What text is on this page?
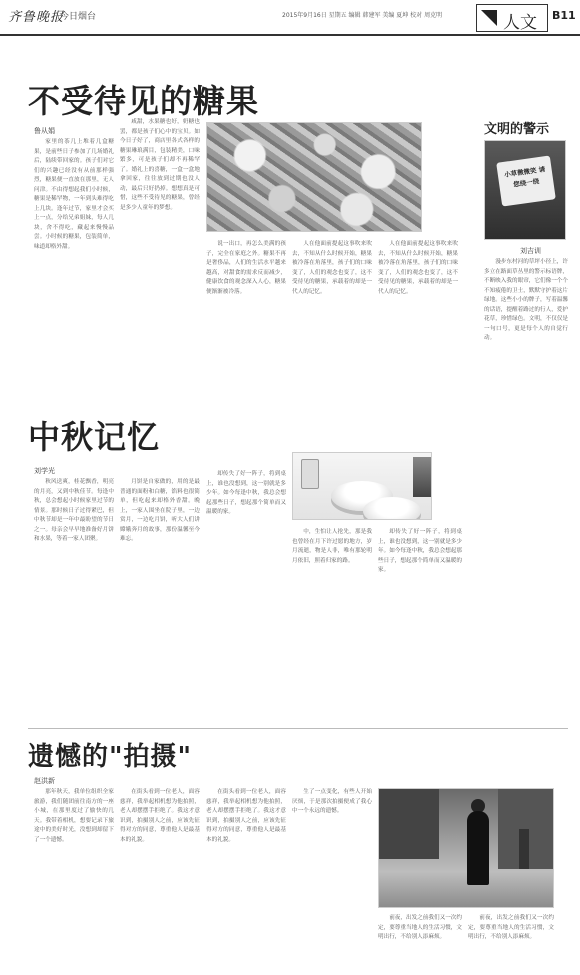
齐鲁晚报
今日烟台	2015年9月16日 星期五 编辑 韩建军 美编 夏坤 校对 周克明	人文 B11
不受待见的糖果
鲁从娟

家里的茶几上堆着几盒糖果，是前些日子参加了几场婚礼后，陆续带回家的。孩子们对它们的兴趣已经没有从前那样强烈，糖果便一直放在那里，无人问津。不由得想起我们小时候，糖果是稀罕物，一年到头难得吃上几块。逢年过节，家里才会买上一点，分给兄弟姐妹，每人几块，舍不得吃，藏起来慢慢品尝。小时候的糖果，包装简单，味道却格外甜。

咸甜，水果糖也好，奶糖也罢，都是孩子们心中的宝贝。如今日子好了，商店里各式各样的糖果琳琅满目，包装精美，口味繁多，可是孩子们却不再稀罕了。婚礼上的喜糖，一盒一盒地拿回家，往往放到过期也没人动，最后只好扔掉。想想真是可惜，这些不受待见的糖果，曾经是多少人童年的梦想。

说一出口，再怎么美满的孩子，完全在家庭之外。糖果不再是奢侈品，人们的生活水平越来越高，对甜食的需求反而减少，健康饮食的观念深入人心，糖果便渐渐被冷落。

人在他面前提起这事吹来吹去，不知从什么时候开始，糖果被冷落在角落里，孩子们的口味变了，人们的观念也变了，这不受待见的糖果，承载着的却是一代人的记忆。

人在他面前提起这事吹来吹去，不知从什么时候开始，糖果被冷落在角落里，孩子们的口味变了，人们的观念也变了，这不受待见的糖果，承载着的却是一代人的记忆。

文明的警示
小草微微笑 请您绕一绕
刘吉训

漫步东村河的草坪小径上，许多立在路面草丛里的警示标语牌，不断映入我的眼帘，它们像一个个不知疲倦的卫士，默默守护着这片绿地。这些小小的牌子，写着温馨的话语，提醒着路过的行人，爱护花草，珍惜绿色。文明，不仅仅是一句口号，更是每个人的自觉行动。

中秋记忆
刘学光

秋风送爽，桂花飘香，明亮的月亮，又到中秋佳节。每逢中秋，总会想起小时候家里过节的情景。那时候日子过得紧巴，但中秋节却是一年中最盼望的节日之一。母亲会早早地准备好月饼和水果，等着一家人团聚。

月饼是自家做的，用的是最普通的面粉和白糖，馅料也很简单，但吃起来却格外香甜。晚上，一家人围坐在院子里，一边赏月，一边吃月饼，听大人们讲嫦娥奔月的故事，那份温馨至今难忘。

却传失了好一阵子，将到桌上，谁也没想到，这一别就是多少年。如今每逢中秋，我总会想起那些日子，想起那个简单而又温暖的家。

中，生怕让人抢先，那是我也曾经在月下许过愿的地方，岁月流逝，物是人非，唯有那轮明月依旧，照着归家的路。

却传失了好一阵子，将到桌上，谁也没想到，这一别就是多少年。如今每逢中秋，我总会想起那些日子，想起那个简单而又温暖的家。

遗憾的"拍摄"
赵洪新

那年秋天，我单位组织全家旅游，我们随团前往南方的一座小城，在那里度过了愉快的几天。我带着相机，想要记录下旅途中的美好时光，没想到却留下了一个遗憾。

在街头看到一位老人，面容慈祥，我举起相机想为他拍照，老人却摆摆手拒绝了。我这才意识到，拍摄别人之前，应该先征得对方的同意，尊重他人是最基本的礼貌。

在街头看到一位老人，面容慈祥，我举起相机想为他拍照，老人却摆摆手拒绝了。我这才意识到，拍摄别人之前，应该先征得对方的同意，尊重他人是最基本的礼貌。

生了一点变化，有些人开始厌烦，于是那次拍摄便成了我心中一个永远的遗憾。

前夜，出发之前我们又一次约定，要尊重当地人的生活习惯，文明出行，不给别人添麻烦。

前夜，出发之前我们又一次约定，要尊重当地人的生活习惯，文明出行，不给别人添麻烦。
